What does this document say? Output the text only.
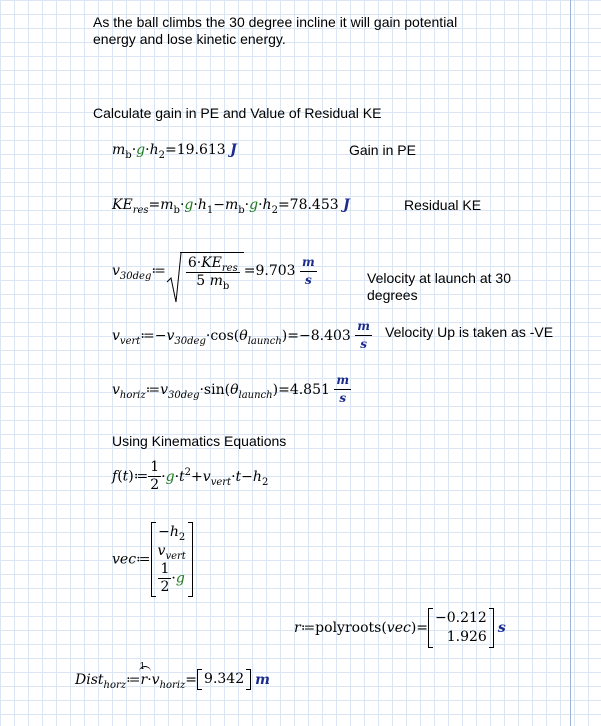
As the ball climbs the 30 degree incline it will gain potential
energy and lose kinetic energy.
Calculate gain in PE and Value of Residual KE
$m_b\cdot g\cdot h_2=19.613$ J	Gain in PE
$KE_{res}=m_b\cdot g\cdot h_1-m_b\cdot g\cdot h_2=78.453$ J	Residual KE
$v_{30deg}≔ \frac{6\cdot KE_{res}}{5 m_b} =9.703 \frac{m}{s}$	Velocity at launch at 30
degrees
$v_{vert}≔-v_{30deg}\cdot\cos(\theta_{launch})=-8.403 \frac{m}{s}$ Velocity Up is taken as -VE
$v_{horiz}≔v_{30deg}\cdot\sin(\theta_{launch})=4.851 \frac{m}{s}$
Using Kinematics Equations
f(t)≔ $\frac{1}{2} \cdot g\cdot t^2+v_{vert}\cdot t-h_2$
vec≔
$-h_2$
$v_{vert}$
$\frac{1}{2} \cdot g$
r≔polyroots(vec)=
−0.212
1.926
s
Dist$_{horz}$≔
1
$r\cdot v_{horiz}= 9.342$ m
